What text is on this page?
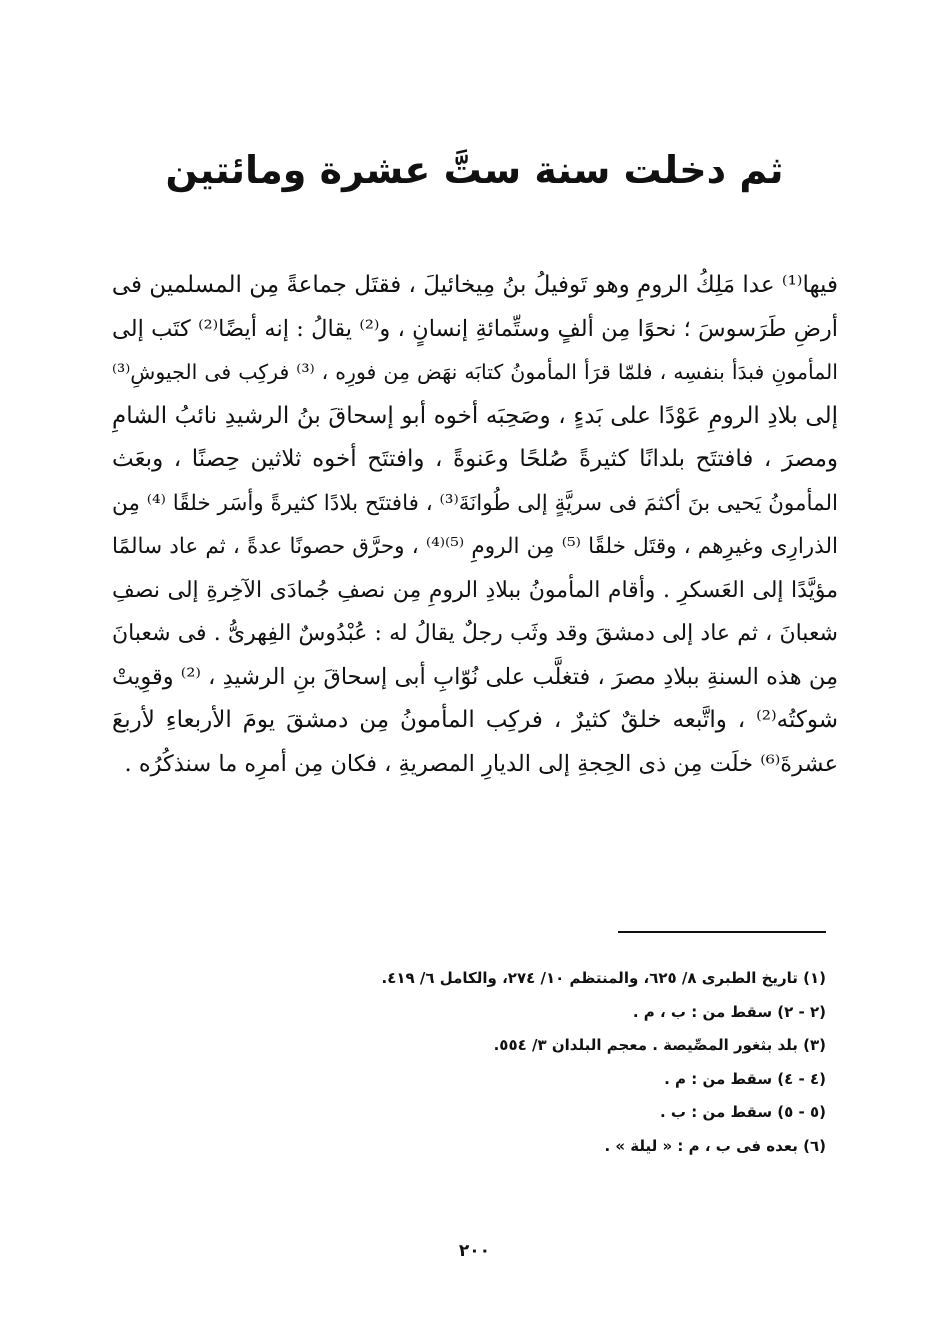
ثم دخلت سنة ستَّ عشرة ومائتين
فيها⁽¹⁾ عدا مَلِكُ الرومِ وهو تَوفيلُ بنُ مِيخائيلَ ، فقتَل جماعةً مِن المسلمين فى
أرضِ طَرَسوسَ ؛ نحوًا مِن ألفٍ وستِّمائةِ إنسانٍ ، و⁽²⁾ يقالُ : إنه أيضًا⁽²⁾ كتَب إلى
المأمونِ فبدَأ بنفسِه ، فلمّا قرَأ المأمونُ كتابَه نهَض مِن فورِه ، ⁽³⁾ فركِب فى الجيوشِ⁽³⁾
إلى بلادِ الرومِ عَوْدًا على بَدءٍ ، وصَحِبَه أخوه أبو إسحاقَ بنُ الرشيدِ نائبُ الشامِ
ومصرَ ، فافتتَح بلدانًا كثيرةً صُلحًا وعَنوةً ، وافتتَح أخوه ثلاثين حِصنًا ، وبعَث
المأمونُ يَحيى بنَ أكثمَ فى سريَّةٍ إلى طُوانَةَ⁽³⁾ ، فافتتَح بلادًا كثيرةً وأسَر خلقًا ⁽⁴⁾ مِن
الذرارِى وغيرِهم ، وقتَل خلقًا ⁽⁵⁾ مِن الرومِ ⁽⁵⁾⁽⁴⁾ ، وحرَّق حصونًا عدةً ، ثم عاد سالمًا
مؤيَّدًا إلى العَسكرِ . وأقام المأمونُ ببلادِ الرومِ مِن نصفِ جُمادَى الآخِرةِ إلى نصفِ
شعبانَ ، ثم عاد إلى دمشقَ وقد وثَب رجلٌ يقالُ له : عُبْدُوسٌ الفِهرىُّ . فى شعبانَ
مِن هذه السنةِ ببلادِ مصرَ ، فتغلَّب على نُوّابِ أبى إسحاقَ بنِ الرشيدِ ، ⁽²⁾ وقوِيتْ
شوكتُه⁽²⁾ ، واتَّبعه خلقٌ كثيرٌ ، فركِب المأمونُ مِن دمشقَ يومَ الأربعاءِ لأربعَ
عشرةَ⁽⁶⁾ خلَت مِن ذى الحِجةِ إلى الديارِ المصريةِ ، فكان مِن أمرِه ما سنذكُرُه .
(١) تاريخ الطبرى ٨/ ٦٢٥، والمنتظم ١٠/ ٢٧٤، والكامل ٦/ ٤١٩.
(٢ - ٢) سقط من : ب ، م .
(٣) بلد بثغور المصِّيصة . معجم البلدان ٣/ ٥٥٤.
(٤ - ٤) سقط من : م .
(٥ - ٥) سقط من : ب .
(٦) بعده فى ب ، م : « ليلة » .
٢٠٠
